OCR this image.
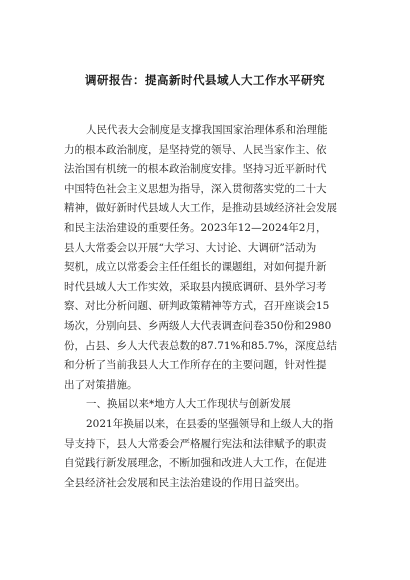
调研报告：提高新时代县域人大工作水平研究
人民代表大会制度是支撑我国国家治理体系和治理能
力的根本政治制度，是坚持党的领导、人民当家作主、依
法治国有机统一的根本政治制度安排。坚持习近平新时代
中国特色社会主义思想为指导，深入贯彻落实党的二十大
精神，做好新时代县域人大工作，是推动县域经济社会发展
和民主法治建设的重要任务。2023年12—2024年2月，
县人大常委会以开展“大学习、大讨论、大调研”活动为
契机，成立以常委会主任任组长的课题组，对如何提升新
时代县域人大工作实效，采取县内摸底调研、县外学习考
察、对比分析问题、研判政策精神等方式，召开座谈会15
场次，分别向县、乡两级人大代表调查问卷350份和2980
份，占县、乡人大代表总数的87.71%和85.7%，深度总结
和分析了当前我县人大工作所存在的主要问题，针对性提
出了对策措施。
一、换届以来*地方人大工作现状与创新发展
2021年换届以来，在县委的坚强领导和上级人大的指
导支持下，县人大常委会严格履行宪法和法律赋予的职责
自觉践行新发展理念，不断加强和改进人大工作，在促进
全县经济社会发展和民主法治建设的作用日益突出。
